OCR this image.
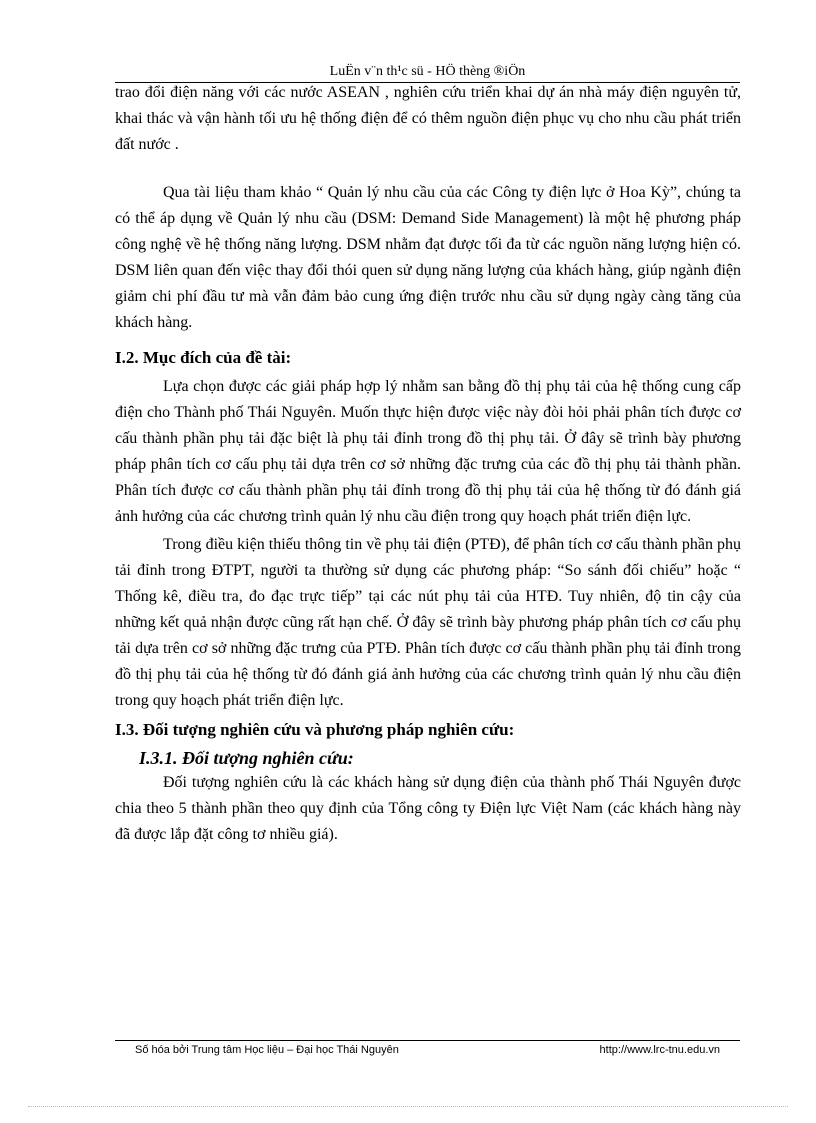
LuËn v¨n th¹c sü - HÖ thèng ®iÖn

trao đổi điện năng với các nước ASEAN , nghiên cứu triển khai dự án nhà máy điện nguyên tử, khai thác và vận hành tối ưu hệ thống điện để có thêm nguồn điện phục vụ cho nhu cầu phát triển đất nước .

Qua tài liệu tham khảo “ Quản lý nhu cầu của các Công ty điện lực ở Hoa Kỳ”, chúng ta có thể áp dụng về Quản lý nhu cầu (DSM: Demand Side Management) là một hệ phương pháp công nghệ về hệ thống năng lượng. DSM nhằm đạt được tối đa từ các nguồn năng lượng hiện có. DSM liên quan đến việc thay đổi thói quen sử dụng năng lượng của khách hàng, giúp ngành điện giảm chi phí đầu tư mà vẫn đảm bảo cung ứng điện trước nhu cầu sử dụng ngày càng tăng của khách hàng.

I.2. Mục đích của đề tài:

Lựa chọn được các giải pháp hợp lý nhằm san bằng đồ thị phụ tải của hệ thống cung cấp điện cho Thành phố Thái Nguyên. Muốn thực hiện được việc này đòi hỏi phải phân tích được cơ cấu thành phần phụ tải đặc biệt là phụ tải đỉnh trong đồ thị phụ tải. Ở đây sẽ trình bày phương pháp phân tích cơ cấu phụ tải dựa trên cơ sở những đặc trưng của các đồ thị phụ tải thành phần. Phân tích được cơ cấu thành phần phụ tải đỉnh trong đồ thị phụ tải của hệ thống từ đó đánh giá ảnh hưởng của các chương trình quản lý nhu cầu điện trong quy hoạch phát triển điện lực.

Trong điều kiện thiếu thông tin về phụ tải điện (PTĐ), để phân tích cơ cấu thành phần phụ tải đỉnh trong ĐTPT, người ta thường sử dụng các phương pháp: “So sánh đối chiếu” hoặc “ Thống kê, điều tra, đo đạc trực tiếp” tại các nút phụ tải của HTĐ. Tuy nhiên, độ tin cậy của những kết quả nhận được cũng rất hạn chế. Ở đây sẽ trình bày phương pháp phân tích cơ cấu phụ tải dựa trên cơ sở những đặc trưng của PTĐ. Phân tích được cơ cấu thành phần phụ tải đỉnh trong đồ thị phụ tải của hệ thống từ đó đánh giá ảnh hưởng của các chương trình quản lý nhu cầu điện trong quy hoạch phát triển điện lực.

I.3. Đối tượng nghiên cứu và phương pháp nghiên cứu:
I.3.1. Đối tượng nghiên cứu:

Đối tượng nghiên cứu là các khách hàng sử dụng điện của thành phố Thái Nguyên được chia theo 5 thành phần theo quy định của Tổng công ty Điện lực Việt Nam (các khách hàng này đã được lắp đặt công tơ nhiều giá).

Số hóa bởi Trung tâm Học liệu – Đại học Thái Nguyên	http://www.lrc-tnu.edu.vn
